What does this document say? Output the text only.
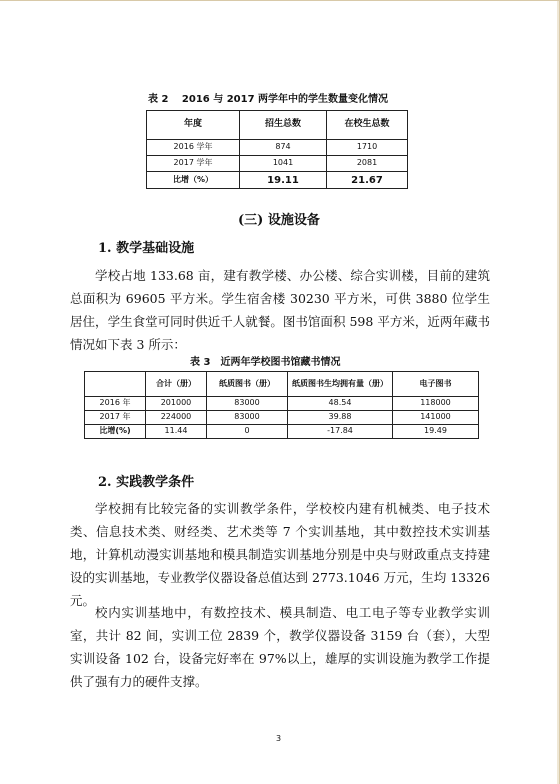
表 2　 2016 与 2017 两学年中的学生数量变化情况
年度	招生总数	在校生总数
2016 学年	874	1710
2017 学年	1041	2081
比增（%）	19.11	21.67
(三) 设施设备
1. 教学基础设施
学校占地 133.68 亩，建有教学楼、办公楼、综合实训楼，目前的建筑总面积为 69605 平方米。学生宿舍楼 30230 平方米，可供 3880 位学生居住，学生食堂可同时供近千人就餐。图书馆面积 598 平方米，近两年藏书情况如下表 3 所示：
表 3　近两年学校图书馆藏书情况
	合计（册）	纸质图书（册）	纸质图书生均拥有量（册）	电子图书
2016 年	201000	83000	48.54	118000
2017 年	224000	83000	39.88	141000
比增(%)	11.44	0	-17.84	19.49
2. 实践教学条件
学校拥有比较完备的实训教学条件，学校校内建有机械类、电子技术类、信息技术类、财经类、艺术类等 7 个实训基地，其中数控技术实训基地，计算机动漫实训基地和模具制造实训基地分别是中央与财政重点支持建设的实训基地，专业教学仪器设备总值达到 2773.1046 万元，生均 13326 元。
校内实训基地中，有数控技术、模具制造、电工电子等专业教学实训室，共计 82 间，实训工位 2839 个，教学仪器设备 3159 台（套），大型实训设备 102 台，设备完好率在 97%以上，雄厚的实训设施为教学工作提供了强有力的硬件支撑。
3
